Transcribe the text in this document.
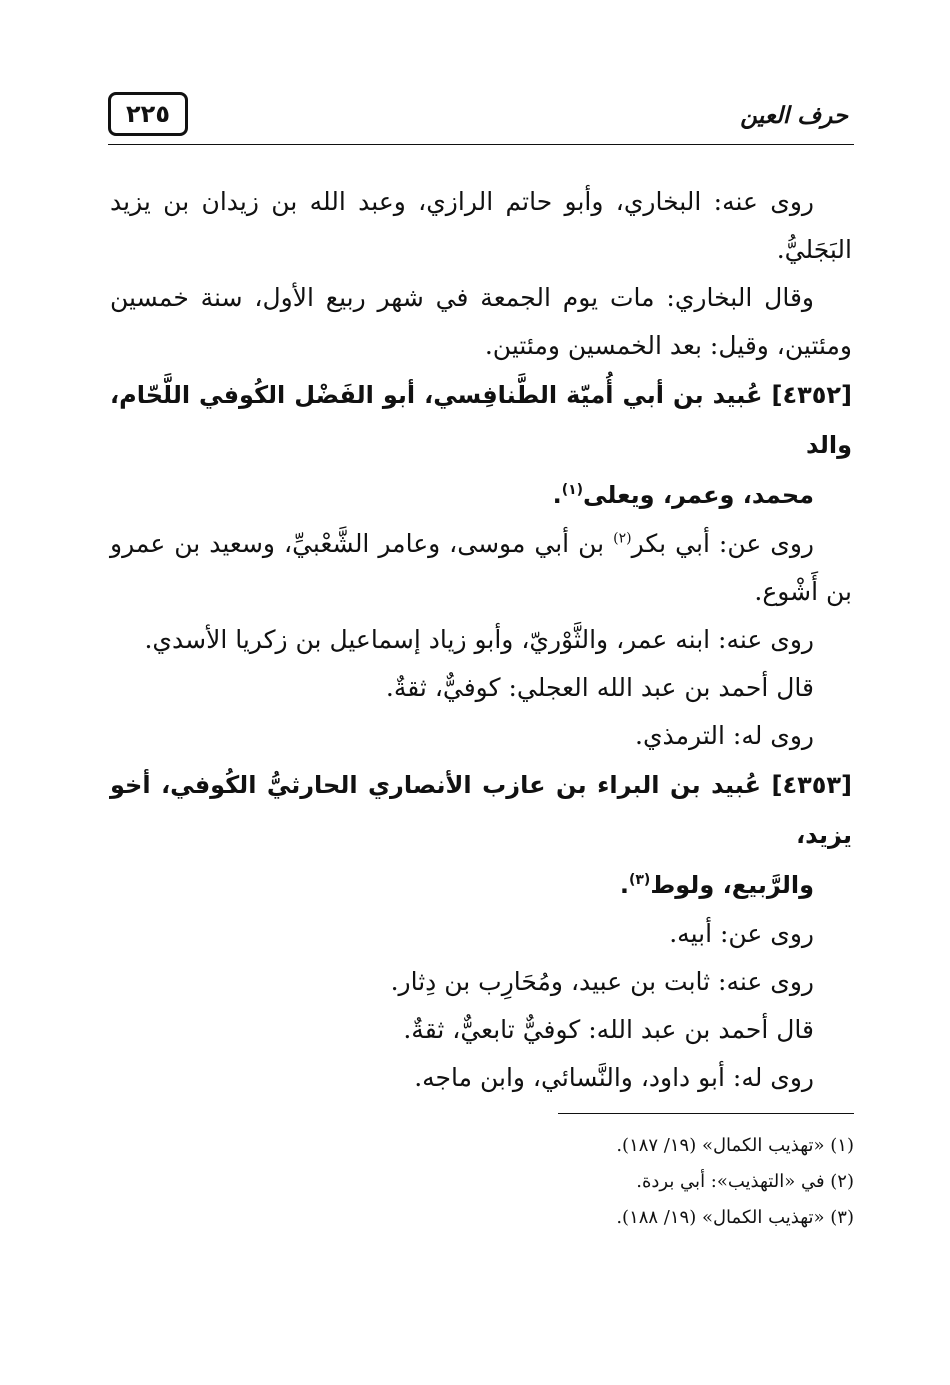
٢٢٥	حرف العين

روى عنه: البخاري، وأبو حاتم الرازي، وعبد الله بن زيدان بن يزيد البَجَليُّ.

وقال البخاري: مات يوم الجمعة في شهر ربيع الأول، سنة خمسين ومئتين، وقيل: بعد الخمسين ومئتين.

[٤٣٥٢] عُبيد بن أبي أُميّة الطَّنافِسي، أبو الفَضْل الكُوفي اللَّحّام، والد
محمد، وعمر، ويعلى$^{(١)}$.

روى عن: أبي بكر$^{(٢)}$ بن أبي موسى، وعامر الشَّعْبيِّ، وسعيد بن عمرو بن أَشْوع.

روى عنه: ابنه عمر، والثَّوْريّ، وأبو زياد إسماعيل بن زكريا الأسدي.

قال أحمد بن عبد الله العجلي: كوفيٌّ، ثقةٌ.

روى له: الترمذي.

[٤٣٥٣] عُبيد بن البراء بن عازب الأنصاري الحارثيُّ الكُوفي، أخو يزيد،
والرَّبيع، ولوط$^{(٣)}$.

روى عن: أبيه.

روى عنه: ثابت بن عبيد، ومُحَارِب بن دِثار.

قال أحمد بن عبد الله: كوفيٌّ تابعيٌّ، ثقةٌ.

روى له: أبو داود، والنَّسائي، وابن ماجه.

(١) «تهذيب الكمال» (١٩/ ١٨٧).

(٢) في «التهذيب»: أبي بردة.

(٣) «تهذيب الكمال» (١٩/ ١٨٨).
